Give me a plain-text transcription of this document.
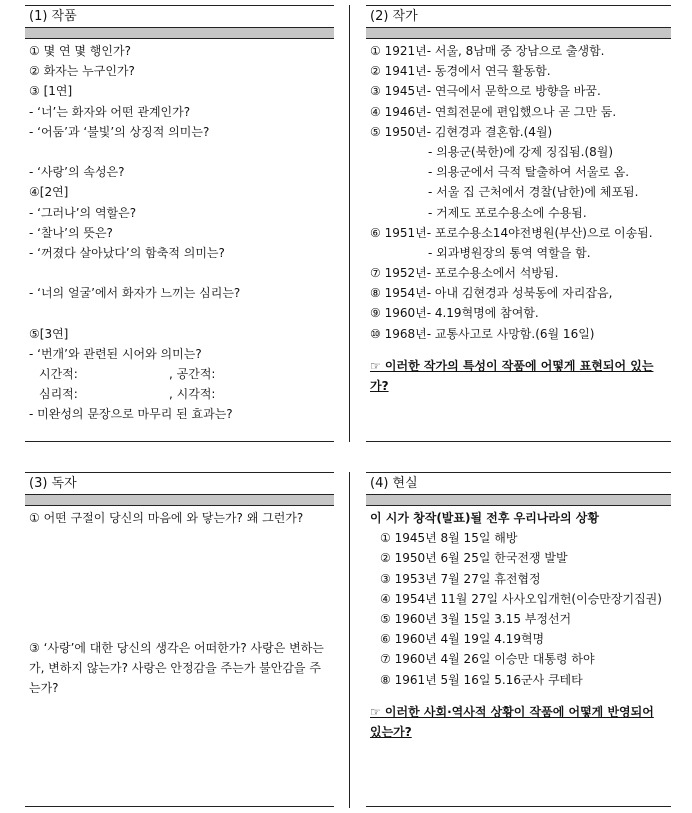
(1) 작품
① 몇 연 몇 행인가?
② 화자는 누구인가?
③ [1연]
- ‘너’는 화자와 어떤 관계인가?
- ‘어둠’과 ‘불빛’의 상징적 의미는?
- ‘사랑’의 속성은?
④[2연]
- ‘그러나’의 역할은?
- ‘찰나’의 뜻은?
- ‘꺼졌다 살아났다’의 함축적 의미는?
- ‘너의 얼굴’에서 화자가 느끼는 심리는?
⑤[3연]
- ‘번개’와 관련된 시어와 의미는?
시간적:	, 공간적:
심리적:	, 시각적:
- 미완성의 문장으로 마무리 된 효과는?
(2) 작가
① 1921년- 서울, 8남매 중 장남으로 출생함.
② 1941년- 동경에서 연극 활동함.
③ 1945년- 연극에서 문학으로 방향을 바꿈.
④ 1946년- 연희전문에 편입했으나 곧 그만 둠.
⑤ 1950년- 김현경과 결혼함.(4월)
- 의용군(북한)에 강제 징집됨.(8월)
- 의용군에서 극적 탈출하여 서울로 옴.
- 서울 집 근처에서 경찰(남한)에 체포됨.
- 거제도 포로수용소에 수용됨.
⑥ 1951년- 포로수용소14야전병원(부산)으로 이송됨.
- 외과병원장의 통역 역할을 함.
⑦ 1952년- 포로수용소에서 석방됨.
⑧ 1954년- 아내 김현경과 성북동에 자리잡음,
⑨ 1960년- 4.19혁명에 참여함.
⑩ 1968년- 교통사고로 사망함.(6월 16일)
☞ 이러한 작가의 특성이 작품에 어떻게 표현되어 있는가?
(3) 독자
① 어떤 구절이 당신의 마음에 와 닿는가? 왜 그런가?
③ ‘사랑’에 대한 당신의 생각은 어떠한가? 사랑은 변하는가, 변하지 않는가? 사랑은 안정감을 주는가 불안감을 주는가?
(4) 현실
이 시가 창작(발표)될 전후 우리나라의 상황
① 1945년 8월 15일 해방
② 1950년 6월 25일 한국전쟁 발발
③ 1953년 7월 27일 휴전협정
④ 1954년 11월 27일 사사오입개헌(이승만장기집권)
⑤ 1960년 3월 15일 3.15 부정선거
⑥ 1960년 4월 19일 4.19혁명
⑦ 1960년 4월 26일 이승만 대통령 하야
⑧ 1961년 5월 16일 5.16군사 쿠테타
☞ 이러한 사회·역사적 상황이 작품에 어떻게 반영되어 있는가?
